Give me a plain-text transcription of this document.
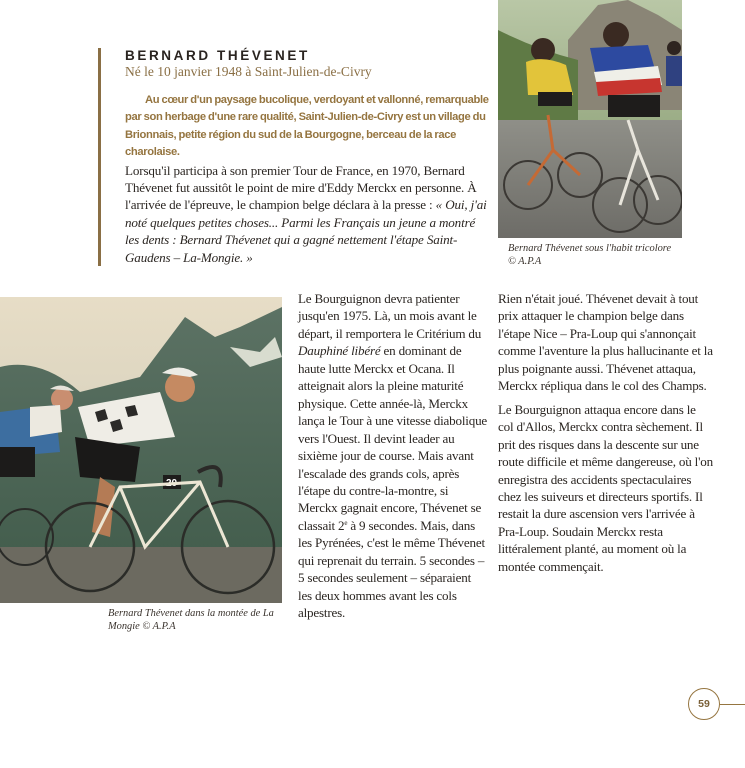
BERNARD THÉVENET

Né le 10 janvier 1948 à Saint-Julien-de-Civry

Au cœur d'un paysage bucolique, verdoyant et vallonné, remarquable par son herbage d'une rare qualité, Saint-Julien-de-Civry est un village du Brionnais, petite région du sud de la Bourgogne, berceau de la race charolaise.

Lorsqu'il participa à son premier Tour de France, en 1970, Bernard Thévenet fut aussitôt le point de mire d'Eddy Merckx en personne. À l'arrivée de l'épreuve, le champion belge déclara à la presse : « Oui, j'ai noté quelques petites choses... Parmi les Français un jeune a montré les dents : Bernard Thévenet qui a gagné nettement l'étape Saint-Gaudens – La-Mongie. »

Bernard Thévenet sous l'habit tricolore © A.P.A
20
Bernard Thévenet dans la montée de La Mongie © A.P.A

Le Bourguignon devra patienter jusqu'en 1975. Là, un mois avant le départ, il remportera le Critérium du Dauphiné libéré en dominant de haute lutte Merckx et Ocana. Il atteignait alors la pleine maturité physique. Cette année-là, Merckx lança le Tour à une vitesse diabolique vers l'Ouest. Il devint leader au sixième jour de course. Mais avant l'escalade des grands cols, après l'étape du contre-la-montre, si Merckx gagnait encore, Thévenet se classait 2e à 9 secondes. Mais, dans les Pyrénées, c'est le même Thévenet qui reprenait du terrain. 5 secondes – 5 secondes seulement – séparaient les deux hommes avant les cols alpestres.

Rien n'était joué. Thévenet devait à tout prix attaquer le champion belge dans l'étape Nice – Pra-Loup qui s'annonçait comme l'aventure la plus hallucinante et la plus poignante aussi. Thévenet attaqua, Merckx répliqua dans le col des Champs.

Le Bourguignon attaqua encore dans le col d'Allos, Merckx contra sèchement. Il prit des risques dans la descente sur une route difficile et même dangereuse, où l'on enregistra des accidents spectaculaires chez les suiveurs et directeurs sportifs. Il restait la dure ascension vers l'arrivée à Pra-Loup. Soudain Merckx resta littéralement planté, au moment où la montée commençait.

59
